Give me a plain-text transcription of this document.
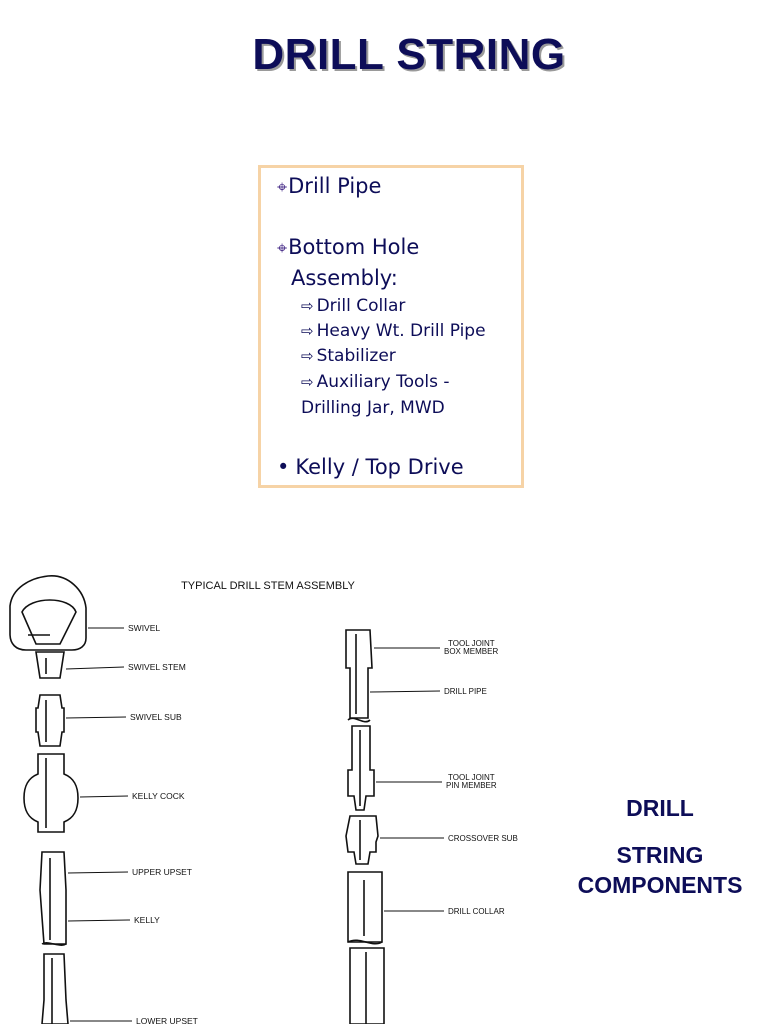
DRILL STRING
⌖Drill Pipe
⌖Bottom Hole
Assembly:
⇨ Drill Collar
⇨ Heavy Wt. Drill Pipe
⇨ Stabilizer
⇨ Auxiliary Tools -
Drilling Jar, MWD
• Kelly / Top Drive
TYPICAL DRILL STEM ASSEMBLY
SWIVEL
SWIVEL STEM
SWIVEL SUB
KELLY COCK
UPPER UPSET
KELLY
LOWER UPSET
TOOL JOINT
BOX MEMBER
DRILL PIPE
TOOL JOINT
PIN MEMBER
CROSSOVER SUB
DRILL COLLAR
DRILL
STRING
COMPONENTS
